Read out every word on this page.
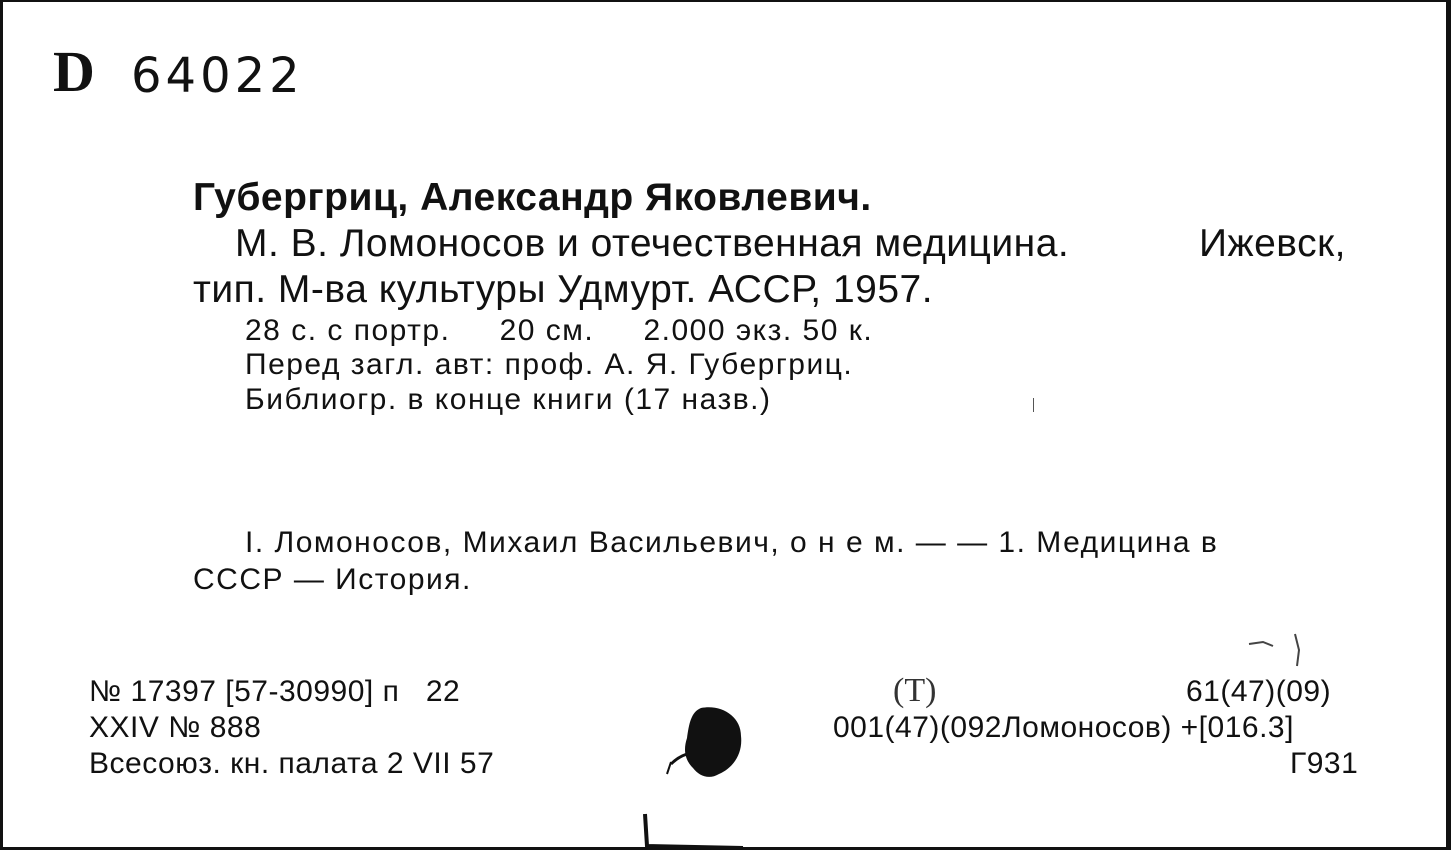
D 64022
Губергриц, Александр Яковлевич.
М. В. Ломоносов и отечественная медицина.	Ижевск,
тип. М-ва культуры Удмурт. АССР, 1957.
28 с. с портр.     20 см.     2.000 экз. 50 к.
Перед загл. авт: проф. А. Я. Губергриц.
Библиогр. в конце книги (17 назв.)
I. Ломоносов, Михаил Васильевич, о н е м. — — 1. Медицина в
СССР — История.
№ 17397 [57-30990] п   22
XXIV № 888
Всесоюз. кн. палата 2 VII 57
(Т)	61(47)(09)
001(47)(092Ломоносов) +[016.3]
Г931
